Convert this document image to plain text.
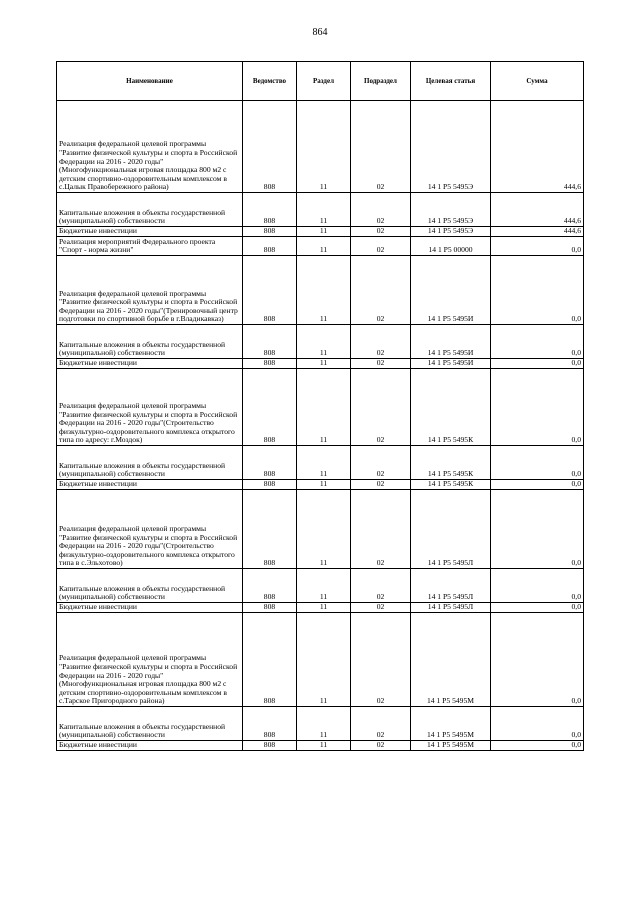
864
Наименование	Ведомство	Раздел	Подраздел	Целевая статья	Сумма
Реализация федеральной целевой программы "Развитие физической культуры и спорта в Российской Федерации на 2016 - 2020 годы"(Многофункциональная игровая площадка 800 м2 с детским спортивно-оздоровительным комплексом в с.Цалык Правобережного района)	808	11	02	14 1 P5 5495Э	444,6
Капитальные вложения в объекты государственной (муниципальной) собственности	808	11	02	14 1 P5 5495Э	444,6
Бюджетные инвестиции	808	11	02	14 1 P5 5495Э	444,6
Реализация мероприятий Федерального проекта "Спорт - норма жизни"	808	11	02	14 1 P5 00000	0,0
Реализация федеральной целевой программы "Развитие физической культуры и спорта в Российской Федерации на 2016 - 2020 годы"(Тренировочный центр подготовки по спортивной борьбе в г.Владикавказ)	808	11	02	14 1 P5 5495И	0,0
Капитальные вложения в объекты государственной (муниципальной) собственности	808	11	02	14 1 P5 5495И	0,0
Бюджетные инвестиции	808	11	02	14 1 P5 5495И	0,0
Реализация федеральной целевой программы "Развитие физической культуры и спорта в Российской Федерации на 2016 - 2020 годы"(Строительство физкультурно-оздоровительного комплекса открытого типа по адресу: г.Моздок)	808	11	02	14 1 P5 5495К	0,0
Капитальные вложения в объекты государственной (муниципальной) собственности	808	11	02	14 1 P5 5495К	0,0
Бюджетные инвестиции	808	11	02	14 1 P5 5495К	0,0
Реализация федеральной целевой программы "Развитие физической культуры и спорта в Российской Федерации на 2016 - 2020 годы"(Строительство физкультурно-оздоровительного комплекса открытого типа в с.Эльхотово)	808	11	02	14 1 P5 5495Л	0,0
Капитальные вложения в объекты государственной (муниципальной) собственности	808	11	02	14 1 P5 5495Л	0,0
Бюджетные инвестиции	808	11	02	14 1 P5 5495Л	0,0
Реализация федеральной целевой программы "Развитие физической культуры и спорта в Российской Федерации на 2016 - 2020 годы"(Многофункциональная игровая площадка 800 м2 с детским спортивно-оздоровительным комплексом в с.Тарское Пригородного района)	808	11	02	14 1 P5 5495М	0,0
Капитальные вложения в объекты государственной (муниципальной) собственности	808	11	02	14 1 P5 5495М	0,0
Бюджетные инвестиции	808	11	02	14 1 P5 5495М	0,0
